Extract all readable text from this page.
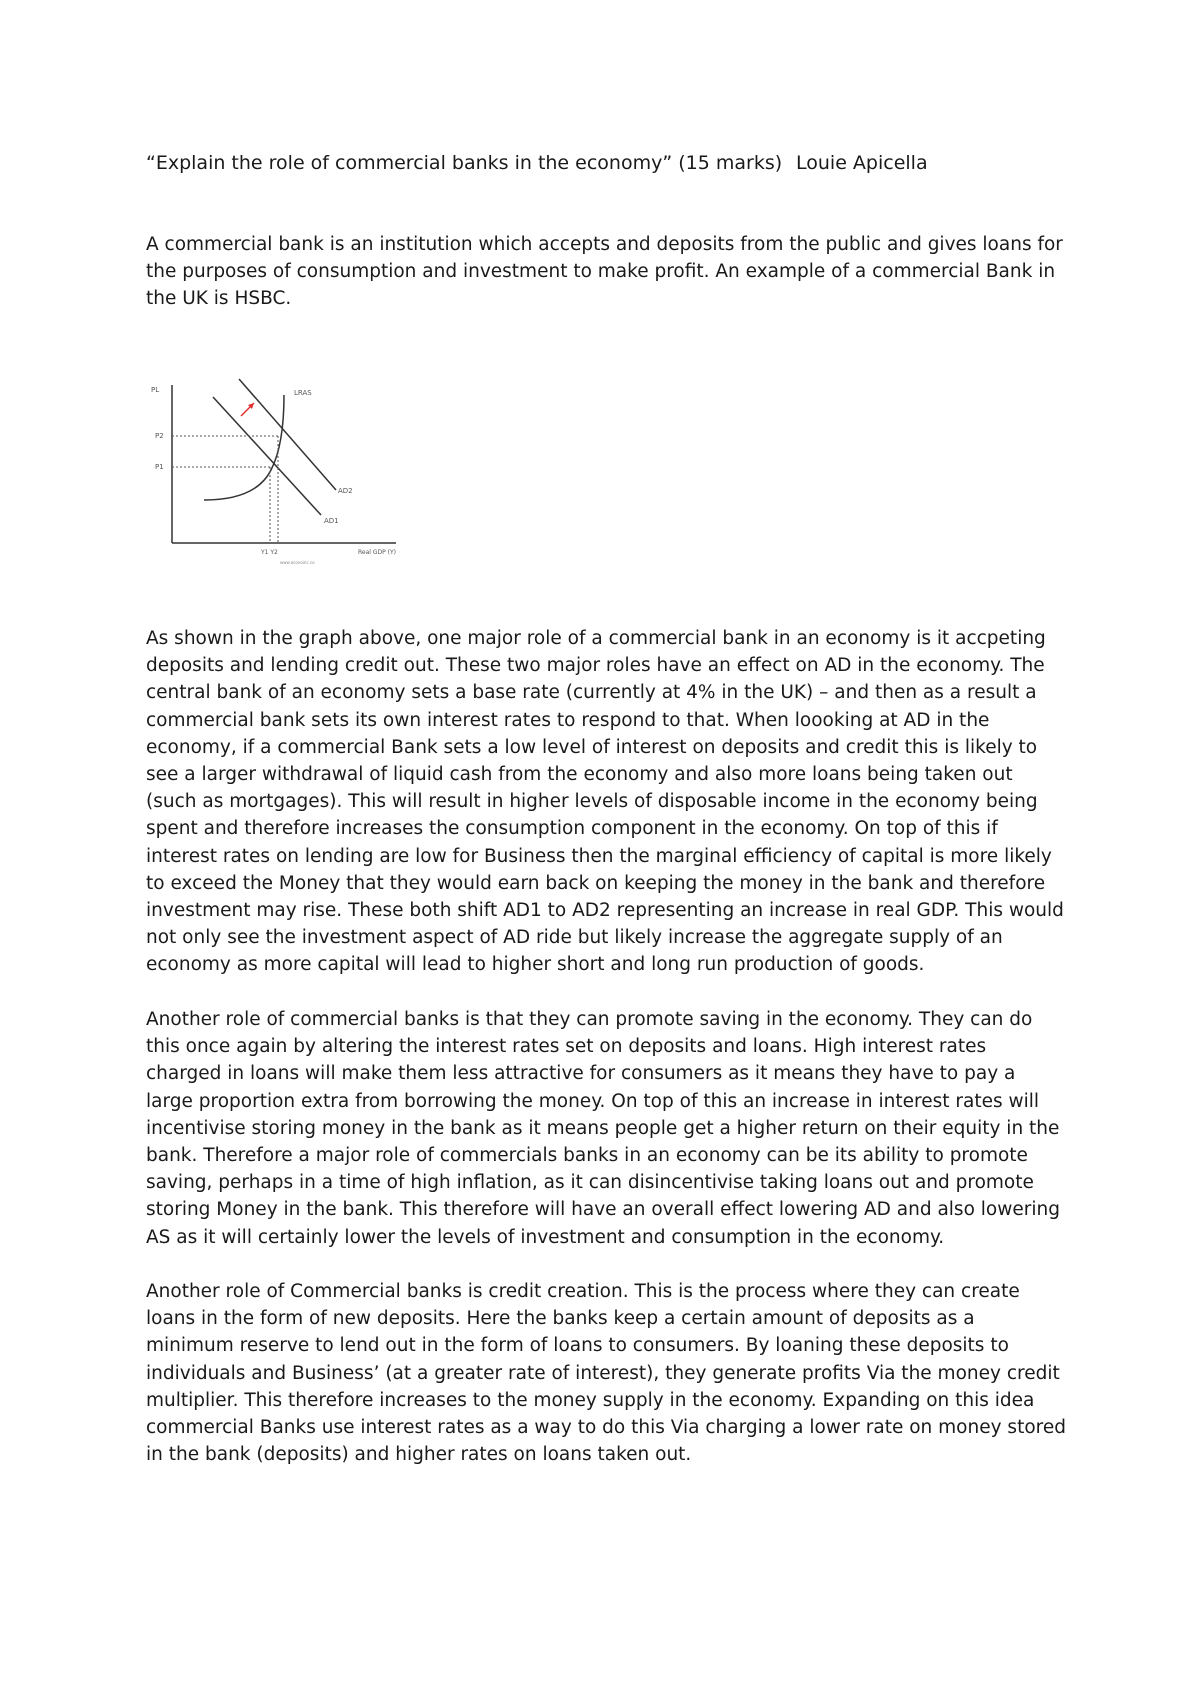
“Explain the role of commercial banks in the economy” (15 marks) Louie Apicella

A commercial bank is an institution which accepts and deposits from the public and gives loans for the purposes of consumption and investment to make profit. An example of a commercial Bank in the UK is HSBC.

PL	LRAS
AD1
AD2
P2
P1
Y1 Y2	Real GDP (Y)
www.econoinc.co

As shown in the graph above, one major role of a commercial bank in an economy is it accpeting deposits and lending credit out. These two major roles have an effect on AD in the economy. The central bank of an economy sets a base rate (currently at 4% in the UK) – and then as a result a commercial bank sets its own interest rates to respond to that. When loooking at AD in the economy, if a commercial Bank sets a low level of interest on deposits and credit this is likely to see a larger withdrawal of liquid cash from the economy and also more loans being taken out (such as mortgages). This will result in higher levels of disposable income in the economy being spent and therefore increases the consumption component in the economy. On top of this if interest rates on lending are low for Business then the marginal efficiency of capital is more likely to exceed the Money that they would earn back on keeping the money in the bank and therefore investment may rise. These both shift AD1 to AD2 representing an increase in real GDP. This would not only see the investment aspect of AD ride but likely increase the aggregate supply of an economy as more capital will lead to higher short and long run production of goods.

Another role of commercial banks is that they can promote saving in the economy. They can do this once again by altering the interest rates set on deposits and loans. High interest rates charged in loans will make them less attractive for consumers as it means they have to pay a large proportion extra from borrowing the money. On top of this an increase in interest rates will incentivise storing money in the bank as it means people get a higher return on their equity in the bank. Therefore a major role of commercials banks in an economy can be its ability to promote saving, perhaps in a time of high inflation, as it can disincentivise taking loans out and promote storing Money in the bank. This therefore will have an overall effect lowering AD and also lowering AS as it will certainly lower the levels of investment and consumption in the economy.

Another role of Commercial banks is credit creation. This is the process where they can create loans in the form of new deposits. Here the banks keep a certain amount of deposits as a minimum reserve to lend out in the form of loans to consumers. By loaning these deposits to individuals and Business’ (at a greater rate of interest), they generate profits Via the money credit multiplier. This therefore increases to the money supply in the economy. Expanding on this idea commercial Banks use interest rates as a way to do this Via charging a lower rate on money stored in the bank (deposits) and higher rates on loans taken out.
